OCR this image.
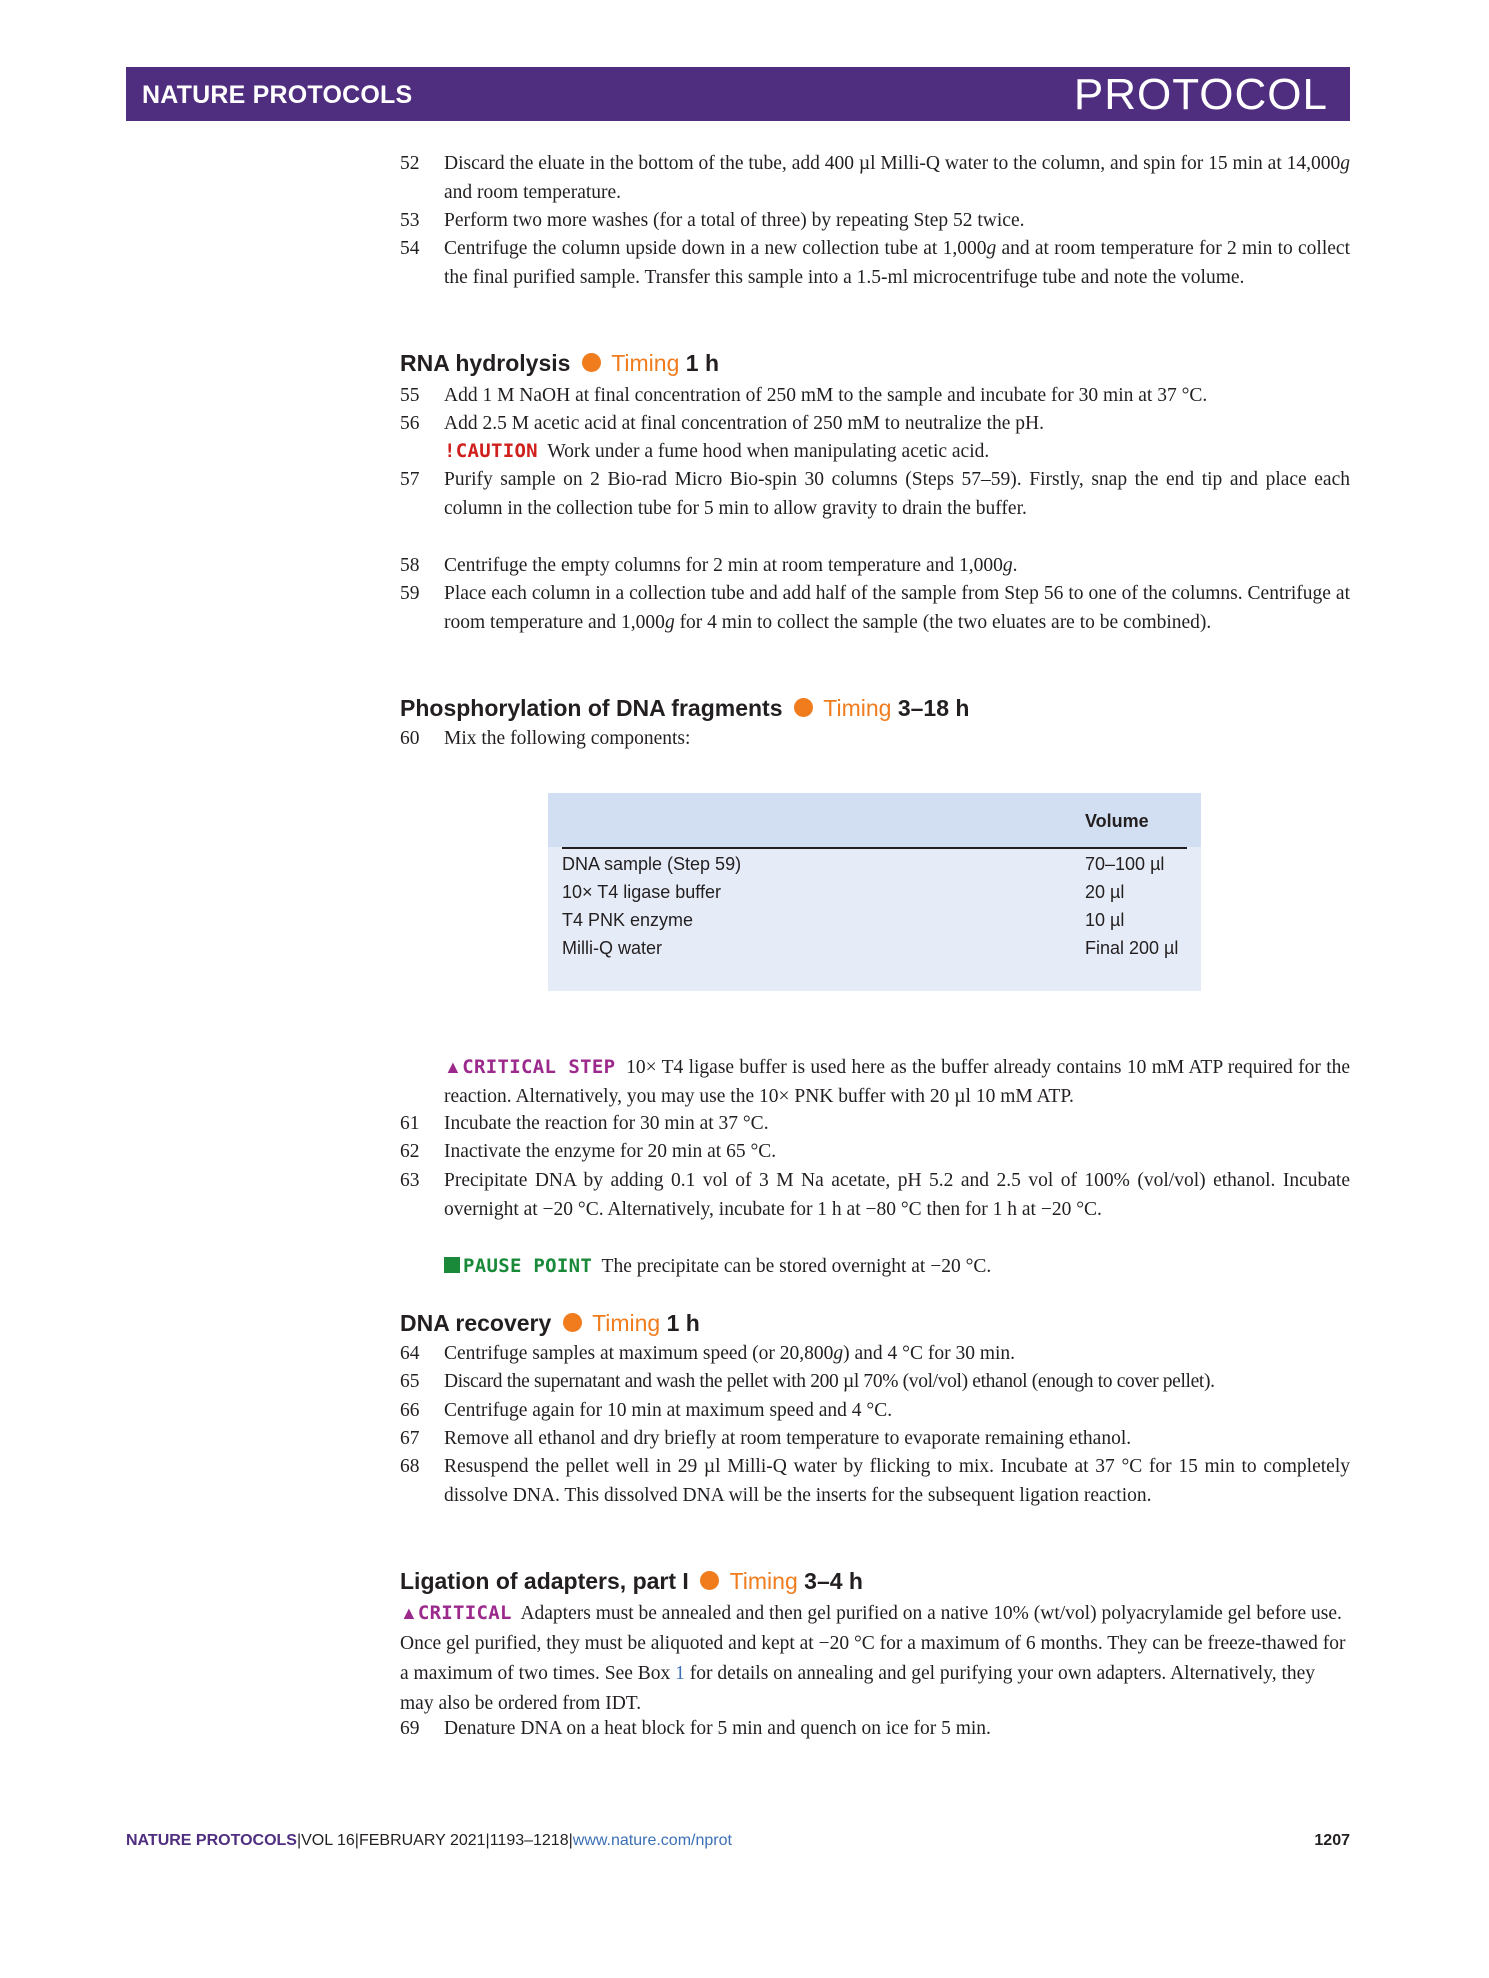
NATURE PROTOCOLS	PROTOCOL
52	Discard the eluate in the bottom of the tube, add 400 µl Milli-Q water to the column, and spin for 15 min at 14,000g and room temperature.
53	Perform two more washes (for a total of three) by repeating Step 52 twice.
54	Centrifuge the column upside down in a new collection tube at 1,000g and at room temperature for 2 min to collect the final purified sample. Transfer this sample into a 1.5-ml microcentrifuge tube and note the volume.
RNA hydrolysis Timing 1 h
55	Add 1 M NaOH at final concentration of 250 mM to the sample and incubate for 30 min at 37 °C.
56	Add 2.5 M acetic acid at final concentration of 250 mM to neutralize the pH.
!CAUTION Work under a fume hood when manipulating acetic acid.
57	Purify sample on 2 Bio-rad Micro Bio-spin 30 columns (Steps 57–59). Firstly, snap the end tip and place each column in the collection tube for 5 min to allow gravity to drain the buffer.
58	Centrifuge the empty columns for 2 min at room temperature and 1,000g.
59	Place each column in a collection tube and add half of the sample from Step 56 to one of the columns. Centrifuge at room temperature and 1,000g for 4 min to collect the sample (the two eluates are to be combined).
Phosphorylation of DNA fragments Timing 3–18 h
60	Mix the following components:
Volume
DNA sample (Step 59)	70–100 µl
10× T4 ligase buffer	20 µl
T4 PNK enzyme	10 µl
Milli-Q water	Final 200 µl
▲CRITICAL STEP 10× T4 ligase buffer is used here as the buffer already contains 10 mM ATP required for the reaction. Alternatively, you may use the 10× PNK buffer with 20 µl 10 mM ATP.
61	Incubate the reaction for 30 min at 37 °C.
62	Inactivate the enzyme for 20 min at 65 °C.
63	Precipitate DNA by adding 0.1 vol of 3 M Na acetate, pH 5.2 and 2.5 vol of 100% (vol/vol) ethanol. Incubate overnight at −20 °C. Alternatively, incubate for 1 h at −80 °C then for 1 h at −20 °C.
PAUSE POINT The precipitate can be stored overnight at −20 °C.
DNA recovery Timing 1 h
64	Centrifuge samples at maximum speed (or 20,800g) and 4 °C for 30 min.
65	Discard the supernatant and wash the pellet with 200 µl 70% (vol/vol) ethanol (enough to cover pellet).
66	Centrifuge again for 10 min at maximum speed and 4 °C.
67	Remove all ethanol and dry briefly at room temperature to evaporate remaining ethanol.
68	Resuspend the pellet well in 29 µl Milli-Q water by flicking to mix. Incubate at 37 °C for 15 min to completely dissolve DNA. This dissolved DNA will be the inserts for the subsequent ligation reaction.
Ligation of adapters, part I Timing 3–4 h
▲CRITICAL Adapters must be annealed and then gel purified on a native 10% (wt/vol) polyacrylamide gel before use. Once gel purified, they must be aliquoted and kept at −20 °C for a maximum of 6 months. They can be freeze-thawed for a maximum of two times. See Box 1 for details on annealing and gel purifying your own adapters. Alternatively, they may also be ordered from IDT.
69	Denature DNA on a heat block for 5 min and quench on ice for 5 min.
NATURE PROTOCOLS|VOL 16|FEBRUARY 2021|1193–1218|www.nature.com/nprot	1207
